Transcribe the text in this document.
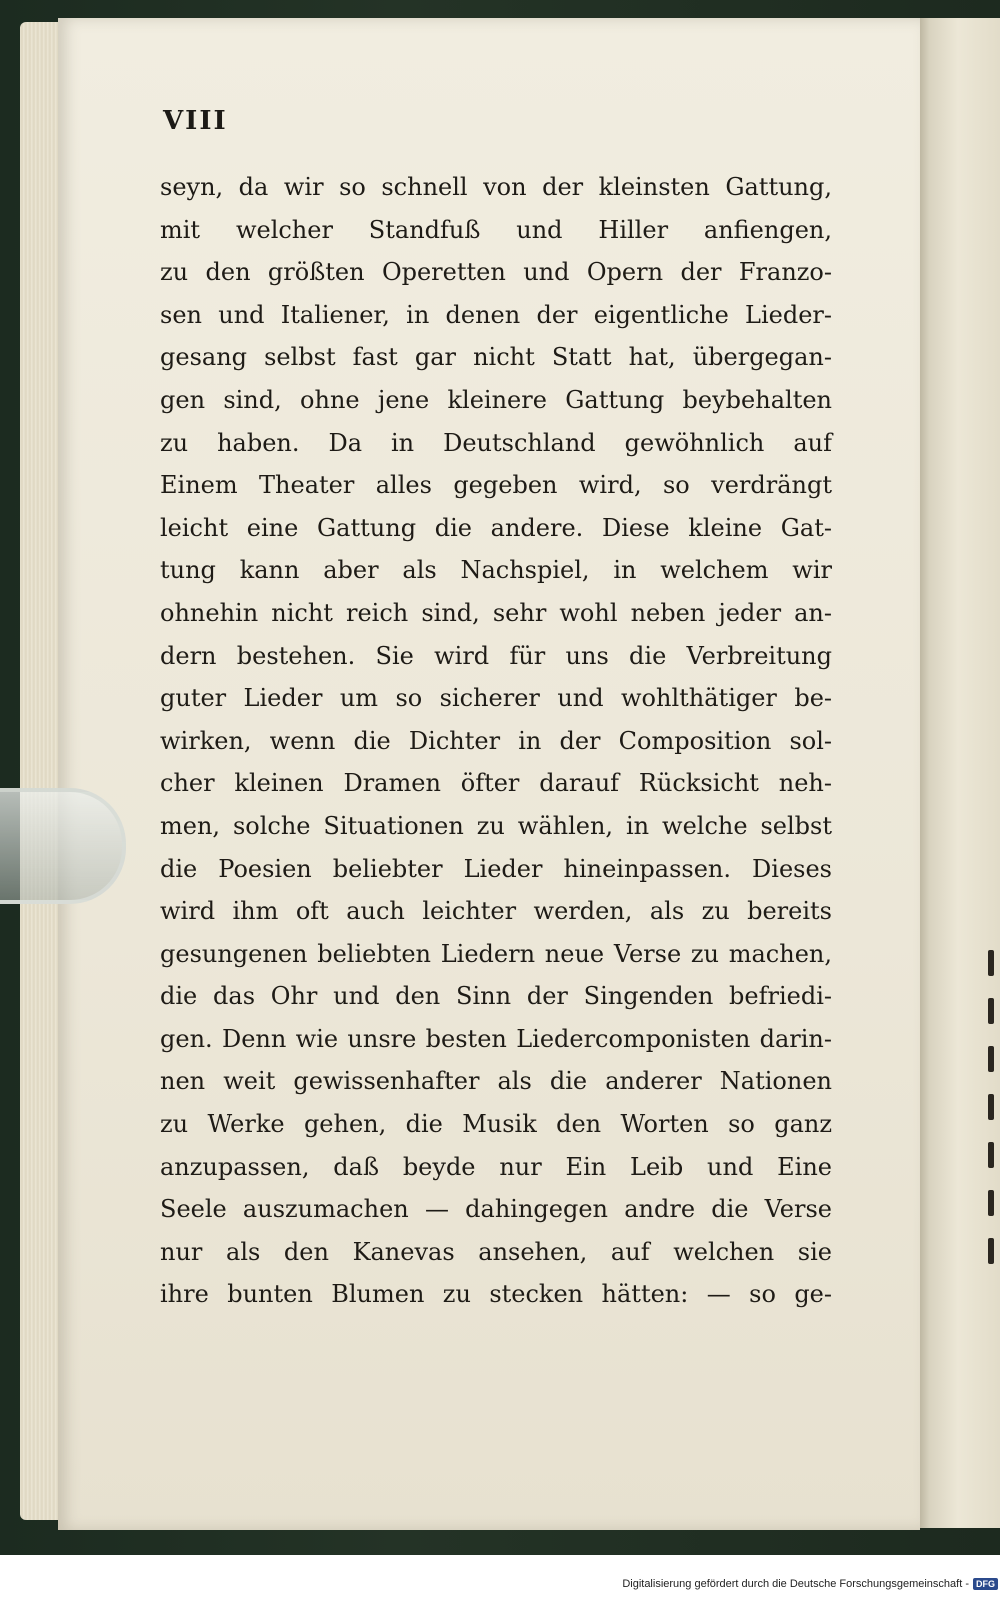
VIII
seyn, da wir so schnell von der kleinsten Gattung,
mit welcher Standfuß und Hiller anfiengen,
zu den größten Operetten und Opern der Franzo-
sen und Italiener, in denen der eigentliche Lieder-
gesang selbst fast gar nicht Statt hat, übergegan-
gen sind, ohne jene kleinere Gattung beybehalten
zu haben. Da in Deutschland gewöhnlich auf
Einem Theater alles gegeben wird, so verdrängt
leicht eine Gattung die andere. Diese kleine Gat-
tung kann aber als Nachspiel, in welchem wir
ohnehin nicht reich sind, sehr wohl neben jeder an-
dern bestehen. Sie wird für uns die Verbreitung
guter Lieder um so sicherer und wohlthätiger be-
wirken, wenn die Dichter in der Composition sol-
cher kleinen Dramen öfter darauf Rücksicht neh-
men, solche Situationen zu wählen, in welche selbst
die Poesien beliebter Lieder hineinpassen. Dieses
wird ihm oft auch leichter werden, als zu bereits
gesungenen beliebten Liedern neue Verse zu machen,
die das Ohr und den Sinn der Singenden befriedi-
gen. Denn wie unsre besten Liedercomponisten darin-
nen weit gewissenhafter als die anderer Nationen
zu Werke gehen, die Musik den Worten so ganz
anzupassen, daß beyde nur Ein Leib und Eine
Seele auszumachen — dahingegen andre die Verse
nur als den Kanevas ansehen, auf welchen sie
ihre bunten Blumen zu stecken hätten: — so ge-
Digitalisierung gefördert durch die Deutsche Forschungsgemeinschaft - DFG
